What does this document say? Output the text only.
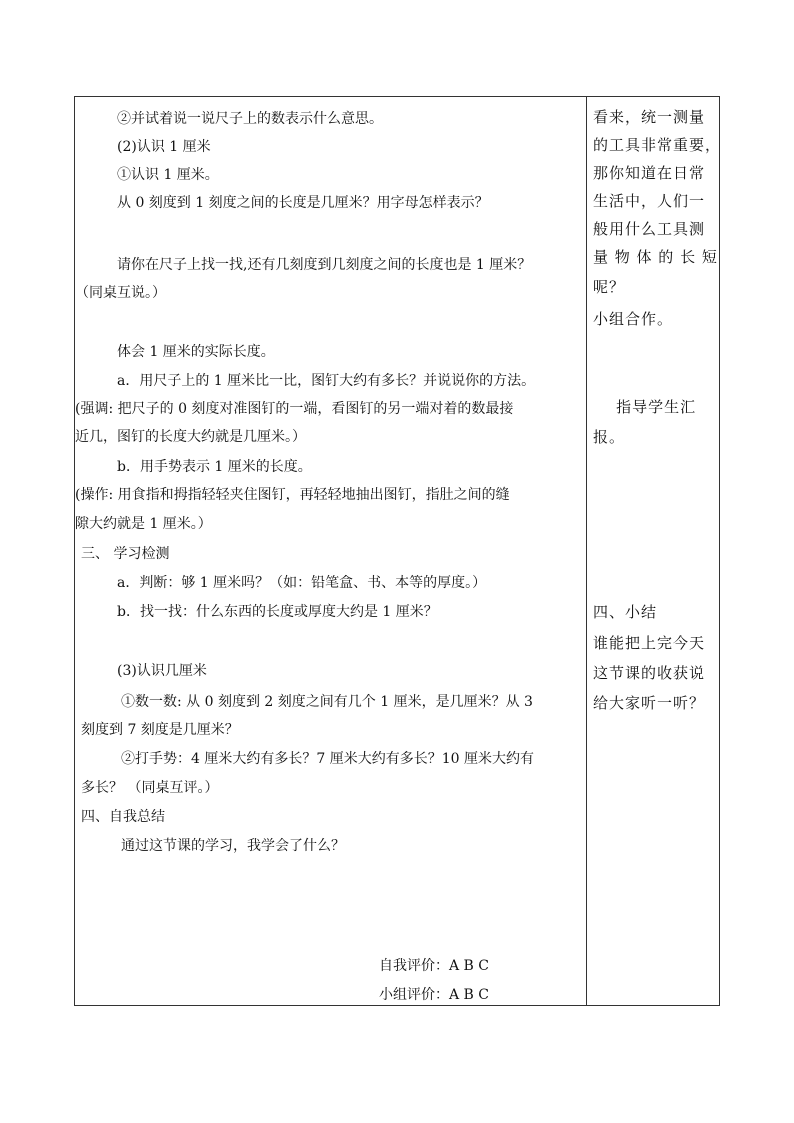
②并试着说一说尺子上的数表示什么意思。
(2)认识 1 厘米
①认识 1 厘米。
从 0 刻度到 1 刻度之间的长度是几厘米？用字母怎样表示？
请你在尺子上找一找,还有几刻度到几刻度之间的长度也是 1 厘米？
（同桌互说。）
体会 1 厘米的实际长度。
a．用尺子上的 1 厘米比一比，图钉大约有多长？并说说你的方法。
(强调: 把尺子的 0 刻度对准图钉的一端，看图钉的另一端对着的数最接
近几，图钉的长度大约就是几厘米。）
b．用手势表示 1 厘米的长度。
(操作: 用食指和拇指轻轻夹住图钉，再轻轻地抽出图钉，指肚之间的缝
隙大约就是 1 厘米。）
三、 学习检测
a．判断：够 1 厘米吗？（如：铅笔盒、书、本等的厚度。）
b．找一找：什么东西的长度或厚度大约是 1 厘米？
(3)认识几厘米
①数一数: 从 0 刻度到 2 刻度之间有几个 1 厘米，是几厘米？从 3
刻度到 7 刻度是几厘米？
②打手势：4 厘米大约有多长？7 厘米大约有多长？10 厘米大约有
多长？ （同桌互评。）
四、自我总结
通过这节课的学习，我学会了什么？
自我评价：A B C
小组评价：A B C
看来，统一测量
的工具非常重要，
那你知道在日常
生活中，人们一
般用什么工具测
量 物 体 的 长 短
呢？
小组合作。
指导学生汇
报。
四、小结
谁能把上完今天
这节课的收获说
给大家听一听？
